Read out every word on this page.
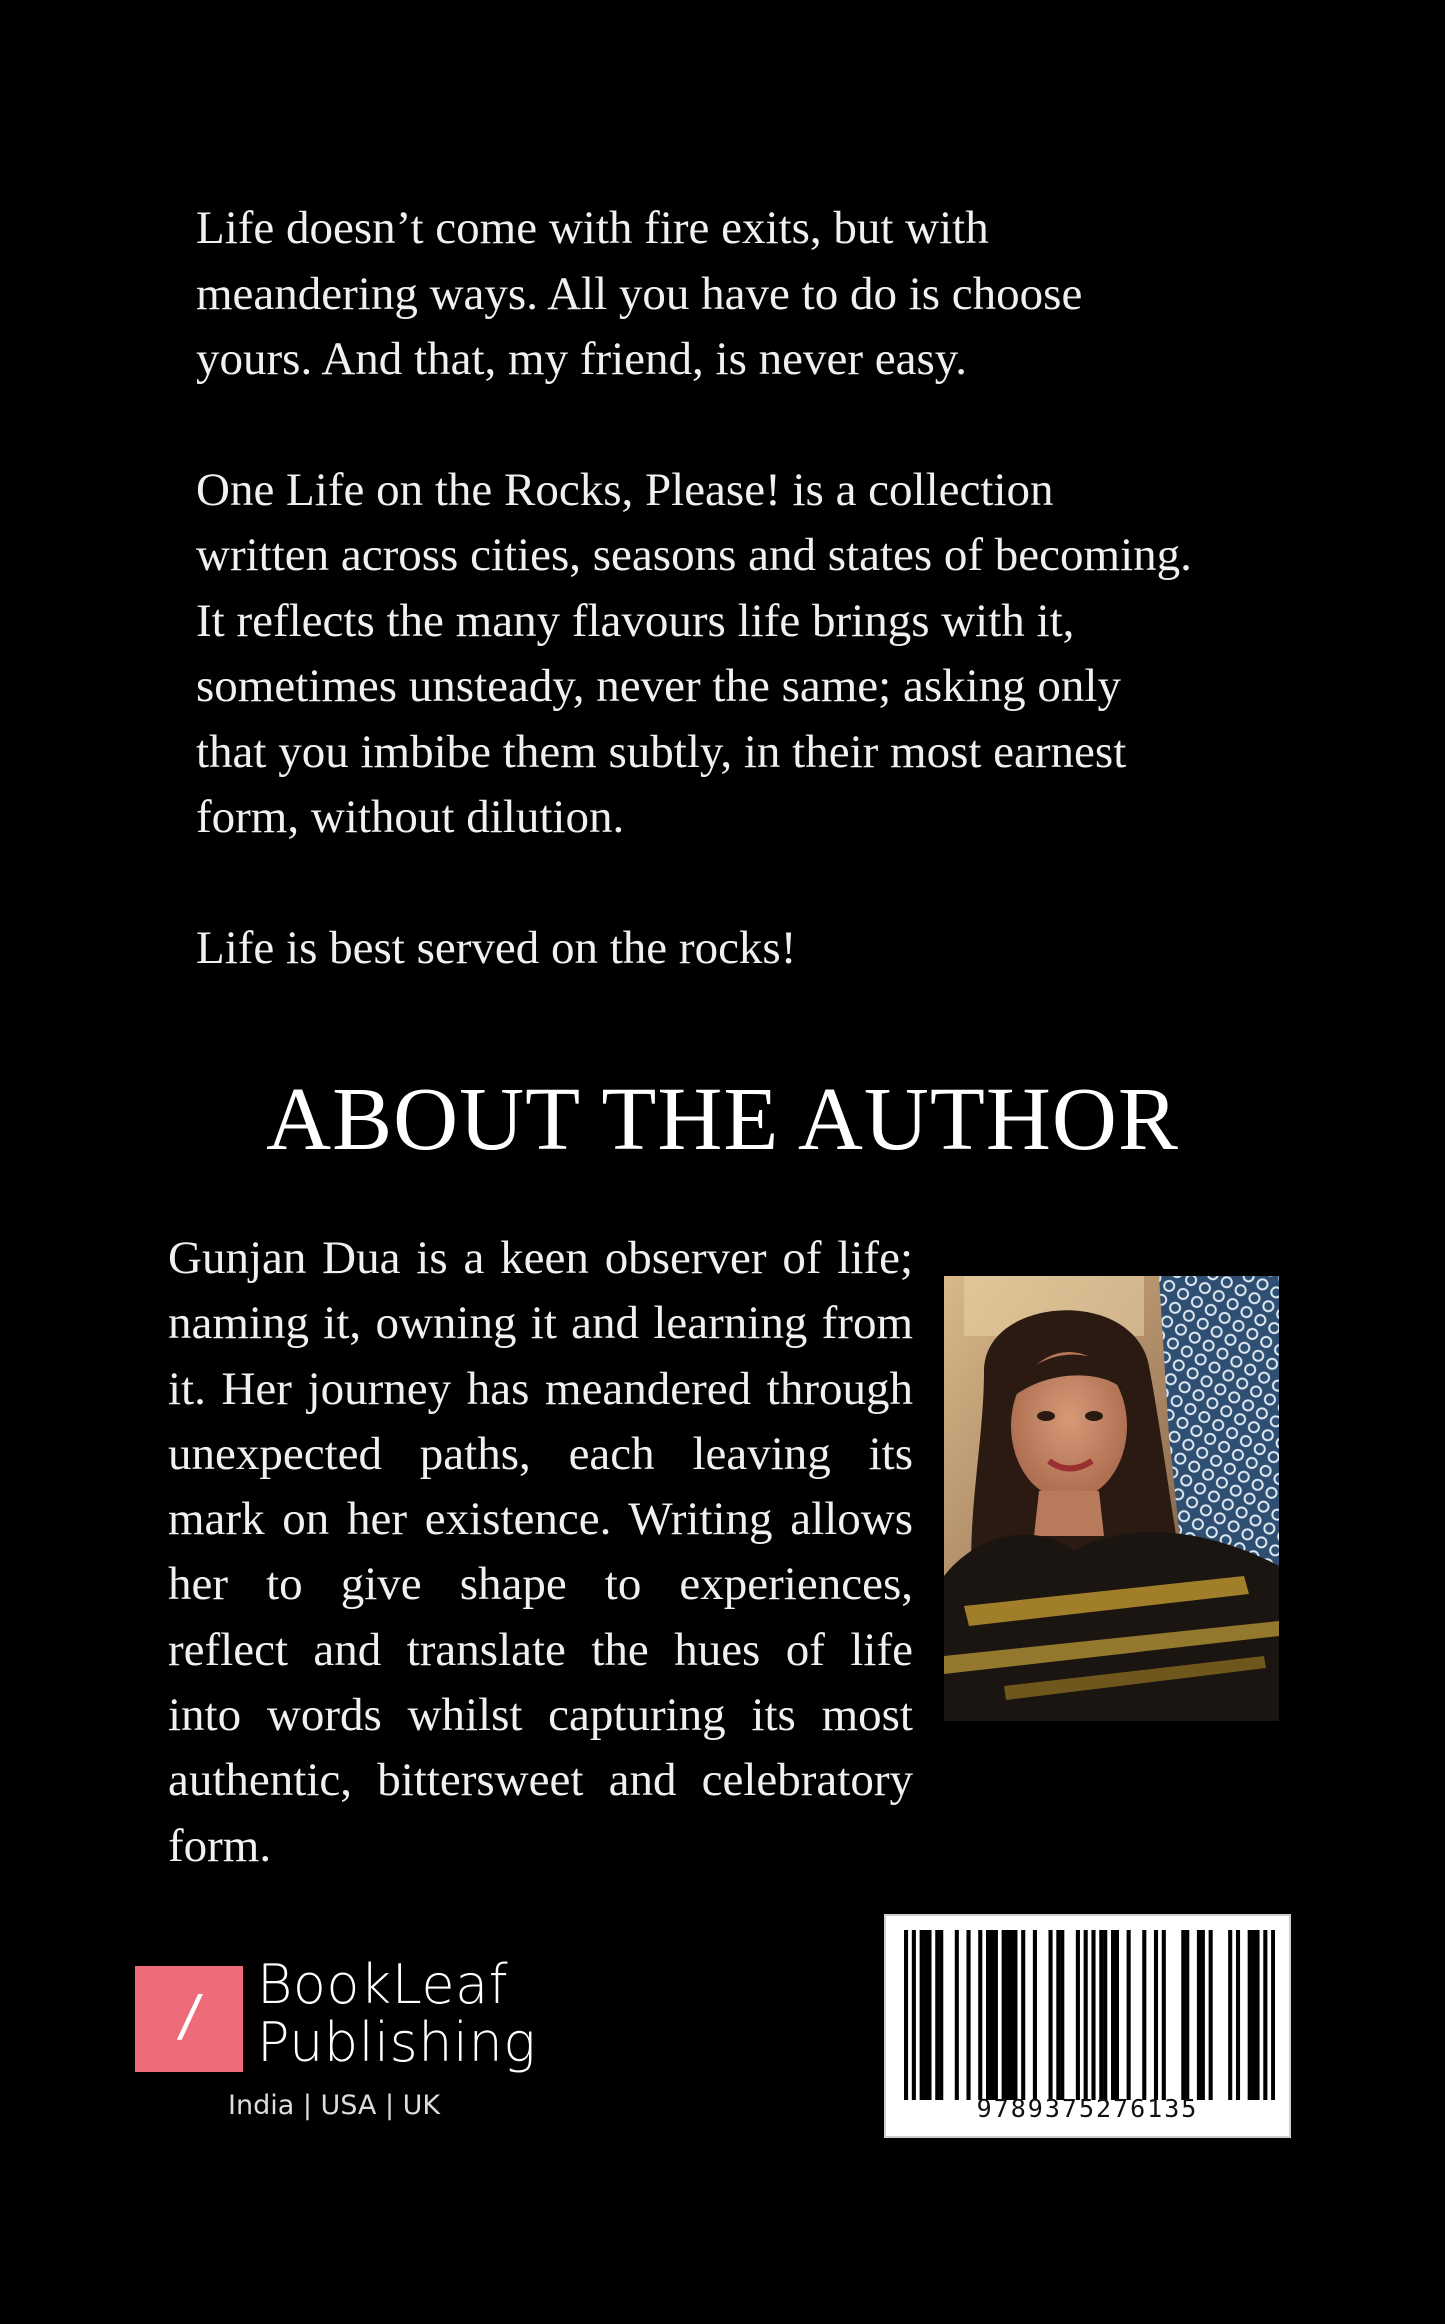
Life doesn’t come with fire exits, but with
meandering ways. All you have to do is choose
yours. And that, my friend, is never easy.

One Life on the Rocks, Please! is a collection
written across cities, seasons and states of becoming.
It reflects the many flavours life brings with it,
sometimes unsteady, never the same; asking only
that you imbibe them subtly, in their most earnest
form, without dilution.

Life is best served on the rocks!

ABOUT THE AUTHOR
Gunjan Dua is a keen observer of life; naming it, owning it and learning from it. Her journey has meandered through unexpected paths, each leaving its mark on her existence. Writing allows her to give shape to experiences, reflect and translate the hues of life into words whilst capturing its most authentic, bittersweet and celebratory form.
/	BookLeaf
Publishing
India | USA | UK	9789375276135
